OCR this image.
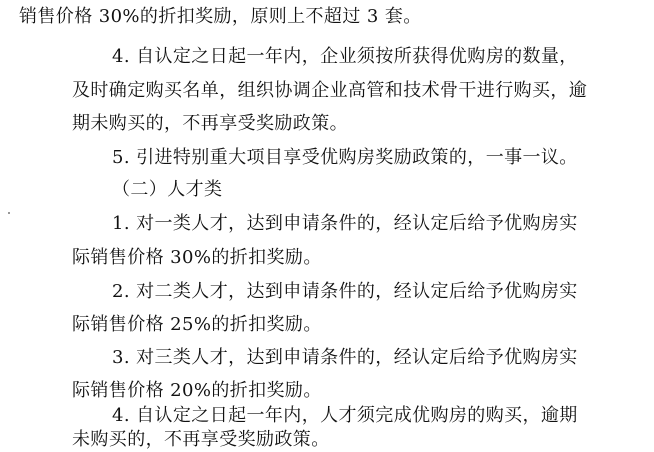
销售价格 30%的折扣奖励，原则上不超过 3 套。
4. 自认定之日起一年内，企业须按所获得优购房的数量，
及时确定购买名单，组织协调企业高管和技术骨干进行购买，逾
期未购买的，不再享受奖励政策。
5. 引进特别重大项目享受优购房奖励政策的，一事一议。
（二）人才类
1. 对一类人才，达到申请条件的，经认定后给予优购房实
际销售价格 30%的折扣奖励。
2. 对二类人才，达到申请条件的，经认定后给予优购房实
际销售价格 25%的折扣奖励。
3. 对三类人才，达到申请条件的，经认定后给予优购房实
际销售价格 20%的折扣奖励。
4. 自认定之日起一年内，人才须完成优购房的购买，逾期
未购买的，不再享受奖励政策。
